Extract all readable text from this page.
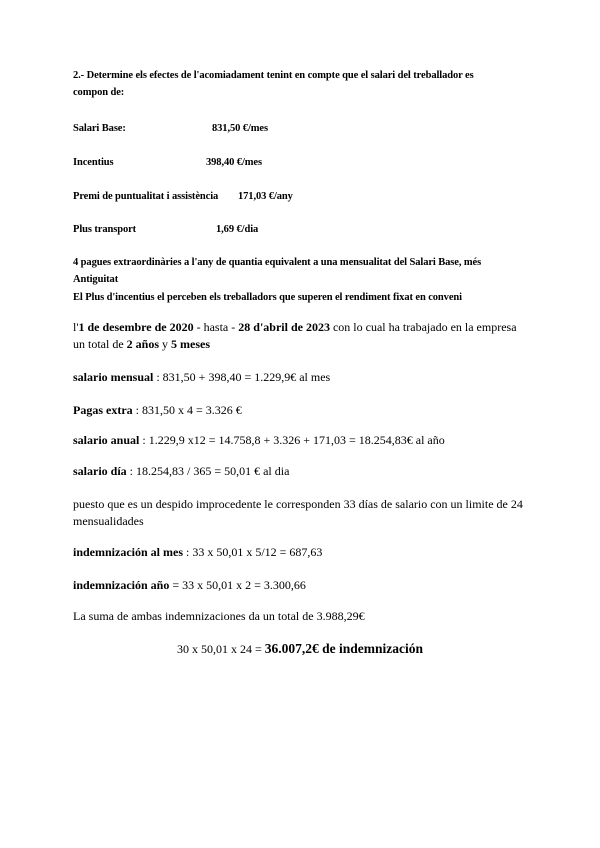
2.- Determine els efectes de l'acomiadament tenint en compte que el salari del treballador es
compon de:
Salari Base:	831,50 €/mes
Incentius	398,40 €/mes
Premi de puntualitat i assistència 171,03 €/any
Plus transport	1,69 €/dia
4 pagues extraordinàries a l'any de quantia equivalent a una mensualitat del Salari Base, més
Antiguitat
El Plus d'incentius el perceben els treballadors que superen el rendiment fixat en conveni
l'1 de desembre de 2020 - hasta - 28 d'abril de 2023 con lo cual ha trabajado en la empresa
un total de 2 años y 5 meses
salario mensual : 831,50 + 398,40 = 1.229,9€ al mes
Pagas extra : 831,50 x 4 = 3.326 €
salario anual : 1.229,9 x12 = 14.758,8 + 3.326 + 171,03 = 18.254,83€ al año
salario día : 18.254,83 / 365 = 50,01 € al dia
puesto que es un despido improcedente le corresponden 33 días de salario con un limite de 24
mensualidades
indemnización al mes : 33 x 50,01 x 5/12 = 687,63
indemnización año = 33 x 50,01 x 2 = 3.300,66
La suma de ambas indemnizaciones da un total de 3.988,29€
30 x 50,01 x 24 = 36.007,2€ de indemnización
